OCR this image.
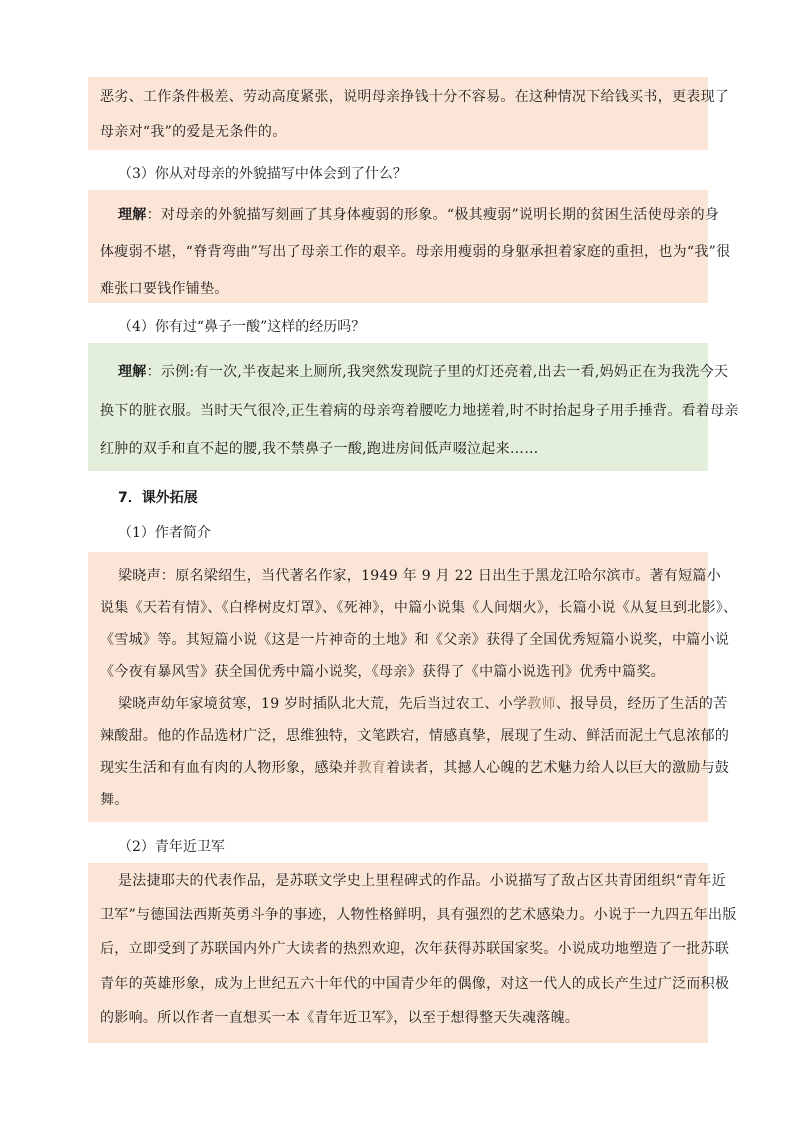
恶劣、工作条件极差、劳动高度紧张，说明母亲挣钱十分不容易。在这种情况下给钱买书，更表现了
母亲对“我”的爱是无条件的。
（3）你从对母亲的外貌描写中体会到了什么？
理解：对母亲的外貌描写刻画了其身体瘦弱的形象。“极其瘦弱”说明长期的贫困生活使母亲的身
体瘦弱不堪，“脊背弯曲”写出了母亲工作的艰辛。母亲用瘦弱的身躯承担着家庭的重担，也为“我”很
难张口要钱作铺垫。
（4）你有过“鼻子一酸”这样的经历吗？
理解：示例:有一次,半夜起来上厕所,我突然发现院子里的灯还亮着,出去一看,妈妈正在为我洗今天
换下的脏衣服。当时天气很冷,正生着病的母亲弯着腰吃力地搓着,时不时抬起身子用手捶背。看着母亲
红肿的双手和直不起的腰,我不禁鼻子一酸,跑进房间低声啜泣起来……
7．课外拓展
（1）作者简介
梁晓声：原名梁绍生，当代著名作家，1949 年 9 月 22 日出生于黑龙江哈尔滨市。著有短篇小
说集《天若有情》、《白桦树皮灯罩》、《死神》，中篇小说集《人间烟火》，长篇小说《从复旦到北影》、
《雪城》等。其短篇小说《这是一片神奇的土地》和《父亲》获得了全国优秀短篇小说奖，中篇小说
《今夜有暴风雪》获全国优秀中篇小说奖，《母亲》获得了《中篇小说选刊》优秀中篇奖。
梁晓声幼年家境贫寒，19 岁时插队北大荒，先后当过农工、小学教师、报导员，经历了生活的苦
辣酸甜。他的作品选材广泛，思维独特，文笔跌宕，情感真挚，展现了生动、鲜活而泥土气息浓郁的
现实生活和有血有肉的人物形象，感染并教育着读者，其撼人心魄的艺术魅力给人以巨大的激励与鼓
舞。
（2）青年近卫军
是法捷耶夫的代表作品，是苏联文学史上里程碑式的作品。小说描写了敌占区共青团组织“青年近
卫军”与德国法西斯英勇斗争的事迹，人物性格鲜明，具有强烈的艺术感染力。小说于一九四五年出版
后，立即受到了苏联国内外广大读者的热烈欢迎，次年获得苏联国家奖。小说成功地塑造了一批苏联
青年的英雄形象，成为上世纪五六十年代的中国青少年的偶像，对这一代人的成长产生过广泛而积极
的影响。所以作者一直想买一本《青年近卫军》，以至于想得整天失魂落魄。
